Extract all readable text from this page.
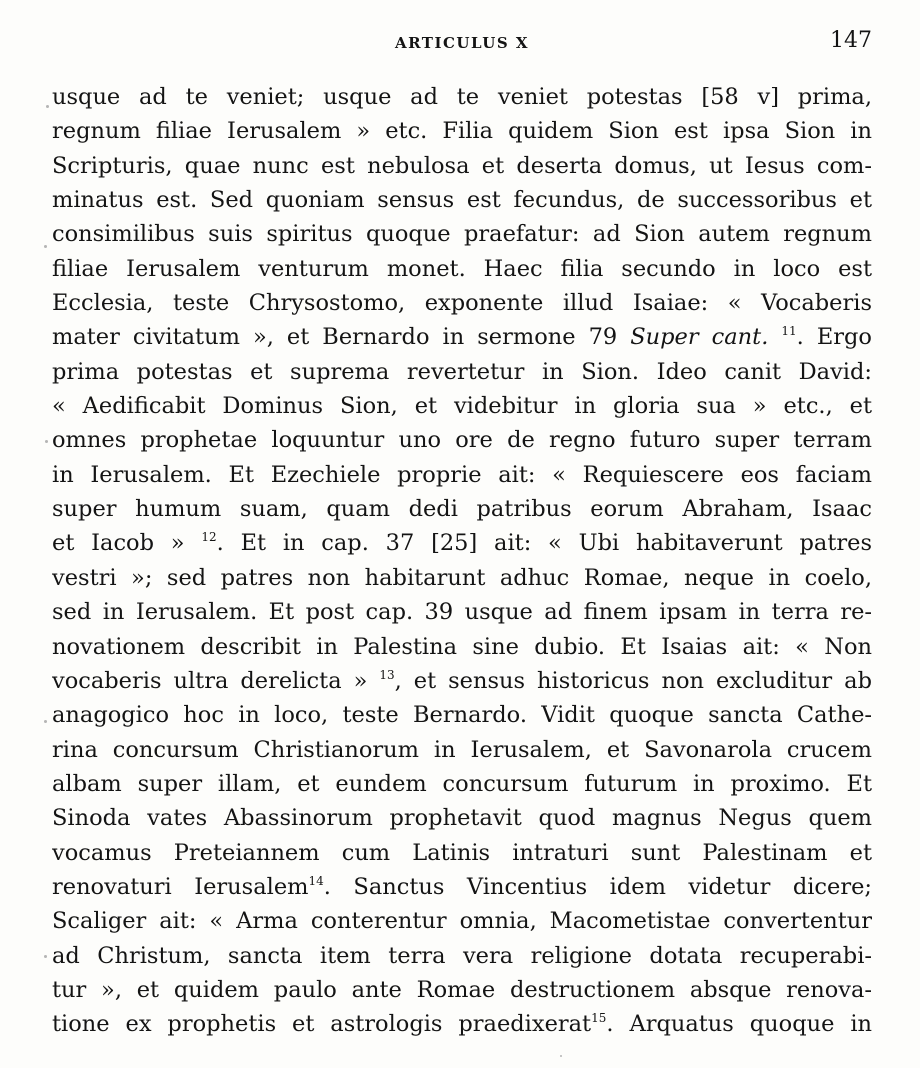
ARTICULUS X	147
usque ad te veniet; usque ad te veniet potestas [58 v] prima,
regnum filiae Ierusalem » etc. Filia quidem Sion est ipsa Sion in
Scripturis, quae nunc est nebulosa et deserta domus, ut Iesus com-
minatus est. Sed quoniam sensus est fecundus, de successoribus et
consimilibus suis spiritus quoque praefatur: ad Sion autem regnum
filiae Ierusalem venturum monet. Haec filia secundo in loco est
Ecclesia, teste Chrysostomo, exponente illud Isaiae: « Vocaberis
mater civitatum », et Bernardo in sermone 79 Super cant. $^{11}$. Ergo
prima potestas et suprema revertetur in Sion. Ideo canit David:
« Aedificabit Dominus Sion, et videbitur in gloria sua » etc., et
omnes prophetae loquuntur uno ore de regno futuro super terram
in Ierusalem. Et Ezechiele proprie ait: « Requiescere eos faciam
super humum suam, quam dedi patribus eorum Abraham, Isaac
et Iacob » $^{12}$. Et in cap. 37 [25] ait: « Ubi habitaverunt patres
vestri »; sed patres non habitarunt adhuc Romae, neque in coelo,
sed in Ierusalem. Et post cap. 39 usque ad finem ipsam in terra re-
novationem describit in Palestina sine dubio. Et Isaias ait: « Non
vocaberis ultra derelicta » $^{13}$, et sensus historicus non excluditur ab
anagogico hoc in loco, teste Bernardo. Vidit quoque sancta Cathe-
rina concursum Christianorum in Ierusalem, et Savonarola crucem
albam super illam, et eundem concursum futurum in proximo. Et
Sinoda vates Abassinorum prophetavit quod magnus Negus quem
vocamus Preteiannem cum Latinis intraturi sunt Palestinam et
renovaturi Ierusalem$^{14}$. Sanctus Vincentius idem videtur dicere;
Scaliger ait: « Arma conterentur omnia, Macometistae convertentur
ad Christum, sancta item terra vera religione dotata recuperabi-
tur », et quidem paulo ante Romae destructionem absque renova-
tione ex prophetis et astrologis praedixerat$^{15}$. Arquatus quoque in
